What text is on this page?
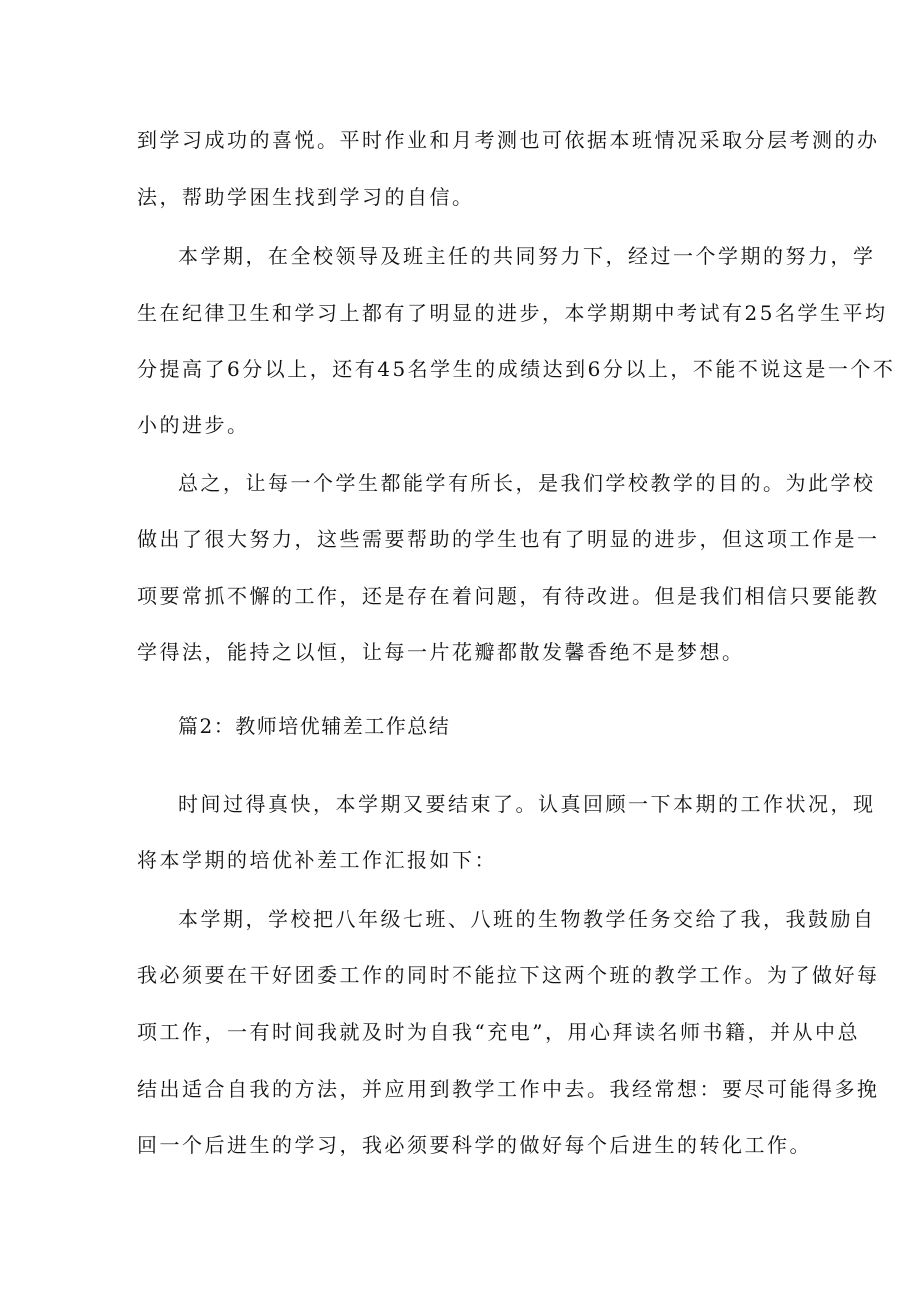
到学习成功的喜悦。平时作业和月考测也可依据本班情况采取分层考测的办
法，帮助学困生找到学习的自信。
本学期，在全校领导及班主任的共同努力下，经过一个学期的努力，学
生在纪律卫生和学习上都有了明显的进步，本学期期中考试有25名学生平均
分提高了6分以上，还有45名学生的成绩达到6分以上，不能不说这是一个不
小的进步。
总之，让每一个学生都能学有所长，是我们学校教学的目的。为此学校
做出了很大努力，这些需要帮助的学生也有了明显的进步，但这项工作是一
项要常抓不懈的工作，还是存在着问题，有待改进。但是我们相信只要能教
学得法，能持之以恒，让每一片花瓣都散发馨香绝不是梦想。
篇2：教师培优辅差工作总结
时间过得真快，本学期又要结束了。认真回顾一下本期的工作状况，现
将本学期的培优补差工作汇报如下：
本学期，学校把八年级七班、八班的生物教学任务交给了我，我鼓励自
我必须要在干好团委工作的同时不能拉下这两个班的教学工作。为了做好每
项工作，一有时间我就及时为自我“充电”，用心拜读名师书籍，并从中总
结出适合自我的方法，并应用到教学工作中去。我经常想：要尽可能得多挽
回一个后进生的学习，我必须要科学的做好每个后进生的转化工作。
